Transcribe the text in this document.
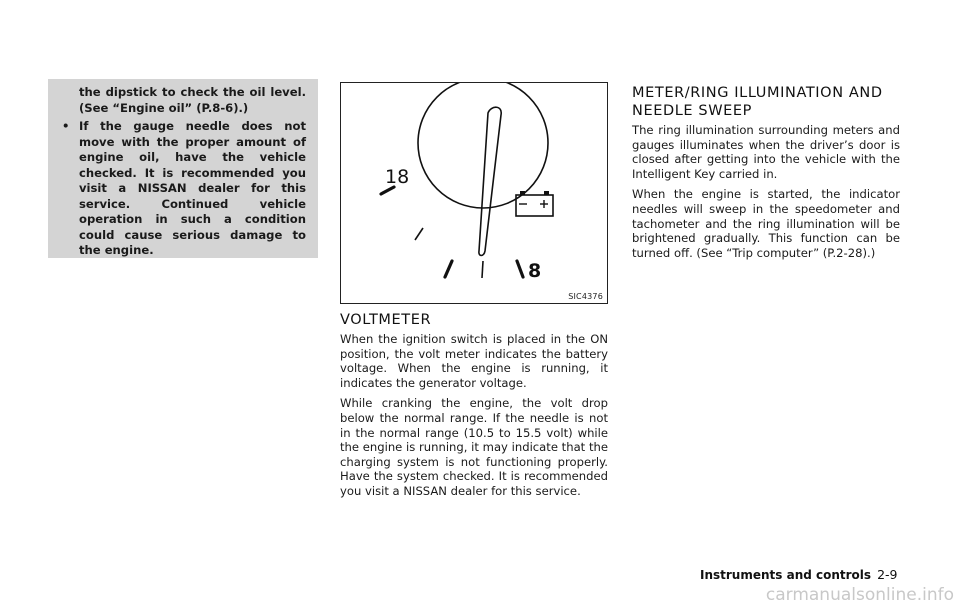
the dipstick to check the oil level. (See “Engine oil” (P.8-6).)

• If the gauge needle does not move with the proper amount of engine oil, have the vehicle checked. It is recommended you visit a NISSAN dealer for this service. Continued vehicle operation in such a condition could cause serious damage to the engine.

18
8
SIC4376
VOLTMETER

When the ignition switch is placed in the ON position, the volt meter indicates the battery voltage. When the engine is running, it indicates the generator voltage.

While cranking the engine, the volt drop below the normal range. If the needle is not in the normal range (10.5 to 15.5 volt) while the engine is running, it may indicate that the charging system is not functioning properly. Have the system checked. It is recommended you visit a NISSAN dealer for this service.

METER/RING ILLUMINATION AND
NEEDLE SWEEP

The ring illumination surrounding meters and gauges illuminates when the driver’s door is closed after getting into the vehicle with the Intelligent Key carried in.

When the engine is started, the indicator needles will sweep in the speedometer and tachometer and the ring illumination will be brightened gradually. This function can be turned off. (See “Trip computer” (P.2-28).)

Instruments and controls 2-9
carmanualsonline.info
